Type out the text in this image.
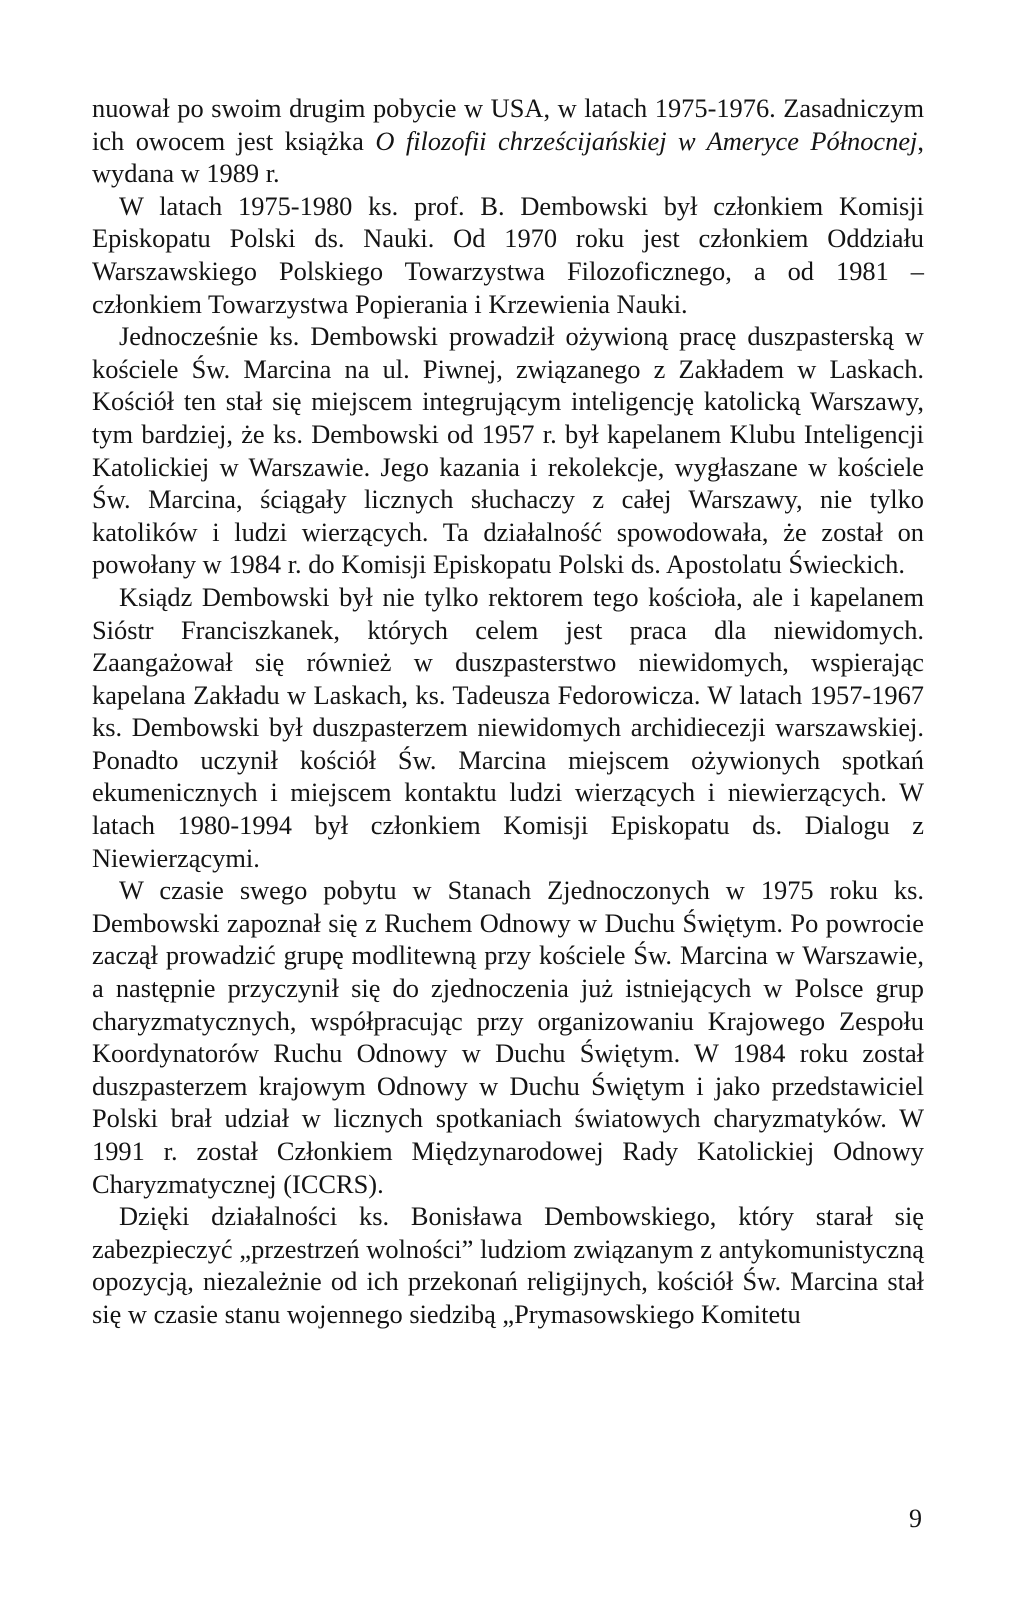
nuował po swoim drugim pobycie w USA, w latach 1975-1976. Zasadniczym ich owocem jest książka O filozofii chrześcijańskiej w Ameryce Północnej, wydana w 1989 r.

W latach 1975-1980 ks. prof. B. Dembowski był członkiem Komisji Episkopatu Polski ds. Nauki. Od 1970 roku jest członkiem Oddziału Warszawskiego Polskiego Towarzystwa Filozoficznego, a od 1981 – członkiem Towarzystwa Popierania i Krzewienia Nauki.

Jednocześnie ks. Dembowski prowadził ożywioną pracę duszpasterską w kościele Św. Marcina na ul. Piwnej, związanego z Zakładem w Laskach. Kościół ten stał się miejscem integrującym inteligencję katolicką Warszawy, tym bardziej, że ks. Dembowski od 1957 r. był kapelanem Klubu Inteligencji Katolickiej w Warszawie. Jego kazania i rekolekcje, wygłaszane w kościele Św. Marcina, ściągały licznych słuchaczy z całej Warszawy, nie tylko katolików i ludzi wierzących. Ta działalność spowodowała, że został on powołany w 1984 r. do Komisji Episkopatu Polski ds. Apostolatu Świeckich.

Ksiądz Dembowski był nie tylko rektorem tego kościoła, ale i kapelanem Sióstr Franciszkanek, których celem jest praca dla niewidomych. Zaangażował się również w duszpasterstwo niewidomych, wspierając kapelana Zakładu w Laskach, ks. Tadeusza Fedorowicza. W latach 1957-1967 ks. Dembowski był duszpasterzem niewidomych archidiecezji warszawskiej. Ponadto uczynił kościół Św. Marcina miejscem ożywionych spotkań ekumenicznych i miejscem kontaktu ludzi wierzących i niewierzących. W latach 1980-1994 był członkiem Komisji Episkopatu ds. Dialogu z Niewierzącymi.

W czasie swego pobytu w Stanach Zjednoczonych w 1975 roku ks. Dembowski zapoznał się z Ruchem Odnowy w Duchu Świętym. Po powrocie zaczął prowadzić grupę modlitewną przy kościele Św. Marcina w Warszawie, a następnie przyczynił się do zjednoczenia już istniejących w Polsce grup charyzmatycznych, współpracując przy organizowaniu Krajowego Zespołu Koordynatorów Ruchu Odnowy w Duchu Świętym. W 1984 roku został duszpasterzem krajowym Odnowy w Duchu Świętym i jako przedstawiciel Polski brał udział w licznych spotkaniach światowych charyzmatyków. W 1991 r. został Członkiem Międzynarodowej Rady Katolickiej Odnowy Charyzmatycznej (ICCRS).

Dzięki działalności ks. Bonisława Dembowskiego, który starał się zabezpieczyć „przestrzeń wolności” ludziom związanym z antykomunistyczną opozycją, niezależnie od ich przekonań religijnych, kościół Św. Marcina stał się w czasie stanu wojennego siedzibą „Prymasowskiego Komitetu

9
